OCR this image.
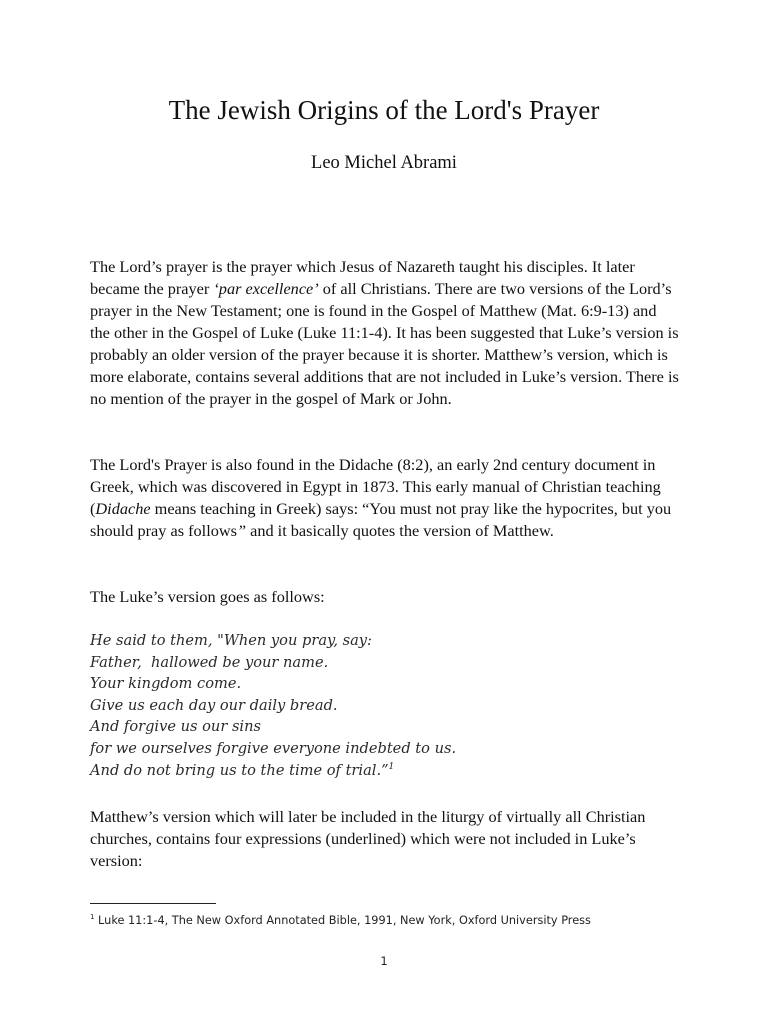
The Jewish Origins of the Lord's Prayer

Leo Michel Abrami

The Lord’s prayer is the prayer which Jesus of Nazareth taught his disciples. It later became the prayer ‘par excellence’ of all Christians. There are two versions of the Lord’s prayer in the New Testament; one is found in the Gospel of Matthew (Mat. 6:9-13) and the other in the Gospel of Luke (Luke 11:1-4). It has been suggested that Luke’s version is probably an older version of the prayer because it is shorter. Matthew’s version, which is more elaborate, contains several additions that are not included in Luke’s version. There is no mention of the prayer in the gospel of Mark or John.

The Lord's Prayer is also found in the Didache (8:2), an early 2nd century document in Greek, which was discovered in Egypt in 1873. This early manual of Christian teaching (Didache means teaching in Greek) says: “You must not pray like the hypocrites, but you should pray as follows” and it basically quotes the version of Matthew.

The Luke’s version goes as follows:

He said to them, "When you pray, say:
Father,  hallowed be your name.
Your kingdom come.
Give us each day our daily bread.
And forgive us our sins
for we ourselves forgive everyone indebted to us.
And do not bring us to the time of trial.”$^1$

Matthew’s version which will later be included in the liturgy of virtually all Christian churches, contains four expressions (underlined) which were not included in Luke’s version:

$^1$ Luke 11:1-4, The New Oxford Annotated Bible, 1991, New York, Oxford University Press

1
